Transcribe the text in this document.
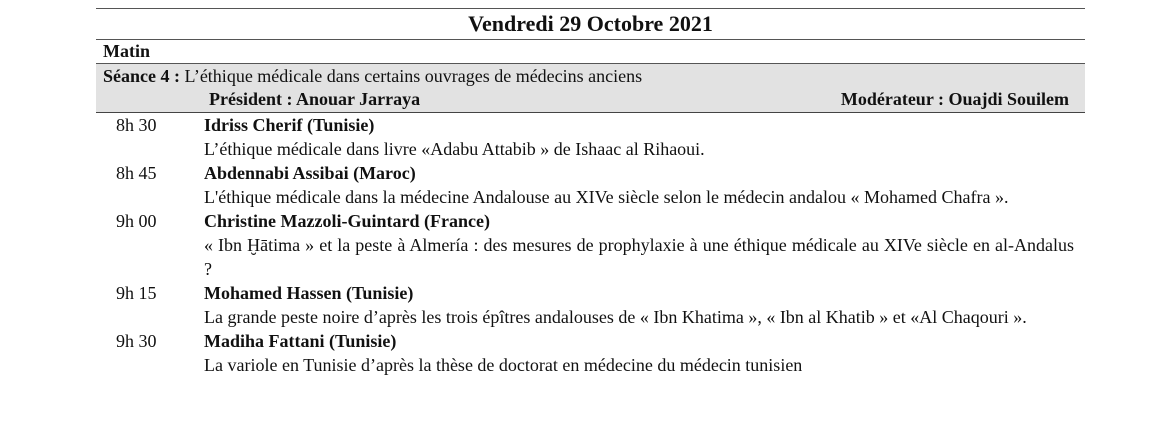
Vendredi 29 Octobre 2021
Matin
Séance 4 : L’éthique médicale dans certains ouvrages de médecins anciens
Président : Anouar Jarraya	Modérateur : Ouajdi Souilem
8h 30	Idriss Cherif (Tunisie)
L’éthique médicale dans livre «Adabu Attabib » de Ishaac al Rihaoui.
8h 45	Abdennabi Assibai (Maroc)
L'éthique médicale dans la médecine Andalouse au XIVe siècle selon le médecin andalou « Mohamed Chafra ».
9h 00	Christine Mazzoli-Guintard (France)
« Ibn Ḫātima » et la peste à Almería : des mesures de prophylaxie à une éthique médicale au XIVe siècle en al-Andalus ?
9h 15	Mohamed Hassen (Tunisie)
La grande peste noire d’après les trois épîtres andalouses de « Ibn Khatima », « Ibn al Khatib » et «Al Chaqouri ».
9h 30	Madiha Fattani (Tunisie)
La variole en Tunisie d’après la thèse de doctorat en médecine du médecin tunisien
